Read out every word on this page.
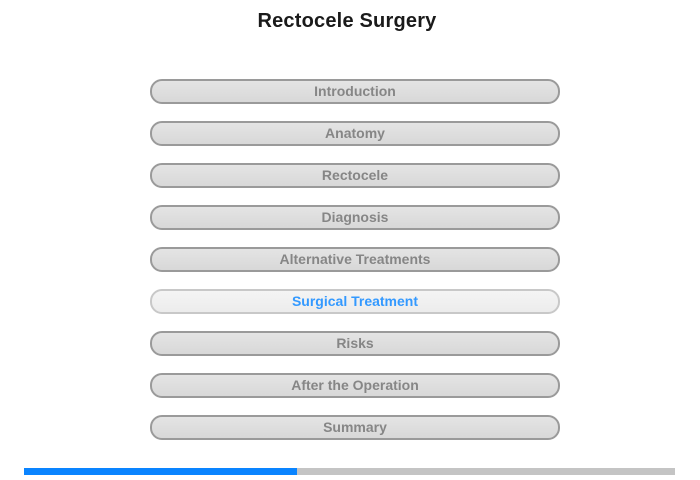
Rectocele Surgery
Introduction
Anatomy
Rectocele
Diagnosis
Alternative Treatments
Surgical Treatment
Risks
After the Operation
Summary
